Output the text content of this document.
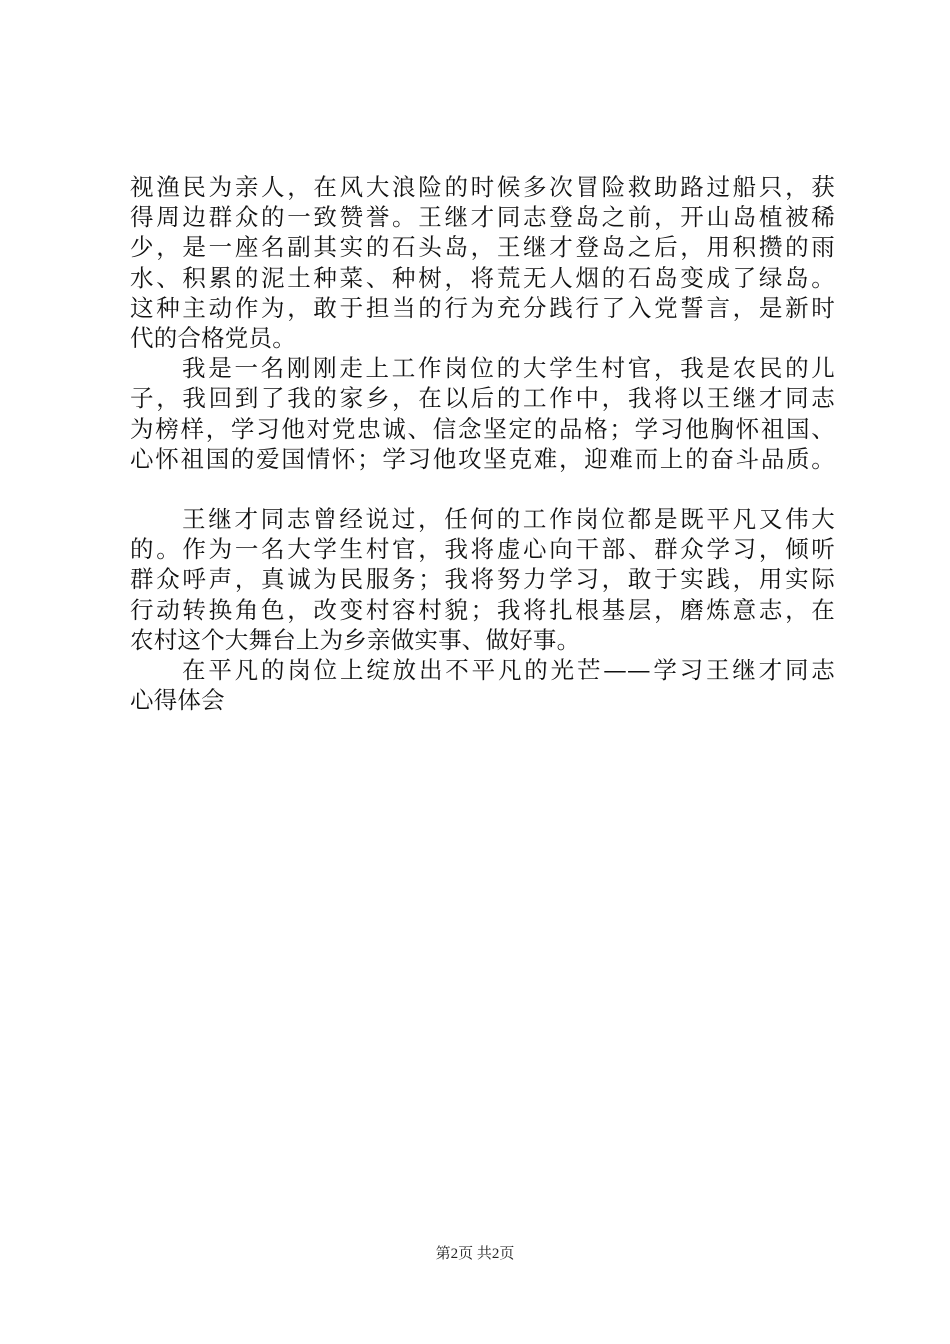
视渔民为亲人，在风大浪险的时候多次冒险救助路过船只，获
得周边群众的一致赞誉。王继才同志登岛之前，开山岛植被稀
少，是一座名副其实的石头岛，王继才登岛之后，用积攒的雨
水、积累的泥土种菜、种树，将荒无人烟的石岛变成了绿岛。
这种主动作为，敢于担当的行为充分践行了入党誓言，是新时
代的合格党员。
我是一名刚刚走上工作岗位的大学生村官，我是农民的儿
子，我回到了我的家乡，在以后的工作中，我将以王继才同志
为榜样，学习他对党忠诚、信念坚定的品格；学习他胸怀祖国、
心怀祖国的爱国情怀；学习他攻坚克难，迎难而上的奋斗品质。
王继才同志曾经说过，任何的工作岗位都是既平凡又伟大
的。作为一名大学生村官，我将虚心向干部、群众学习，倾听
群众呼声，真诚为民服务；我将努力学习，敢于实践，用实际
行动转换角色，改变村容村貌；我将扎根基层，磨炼意志，在
农村这个大舞台上为乡亲做实事、做好事。
在平凡的岗位上绽放出不平凡的光芒——学习王继才同志
心得体会
第2页 共2页
